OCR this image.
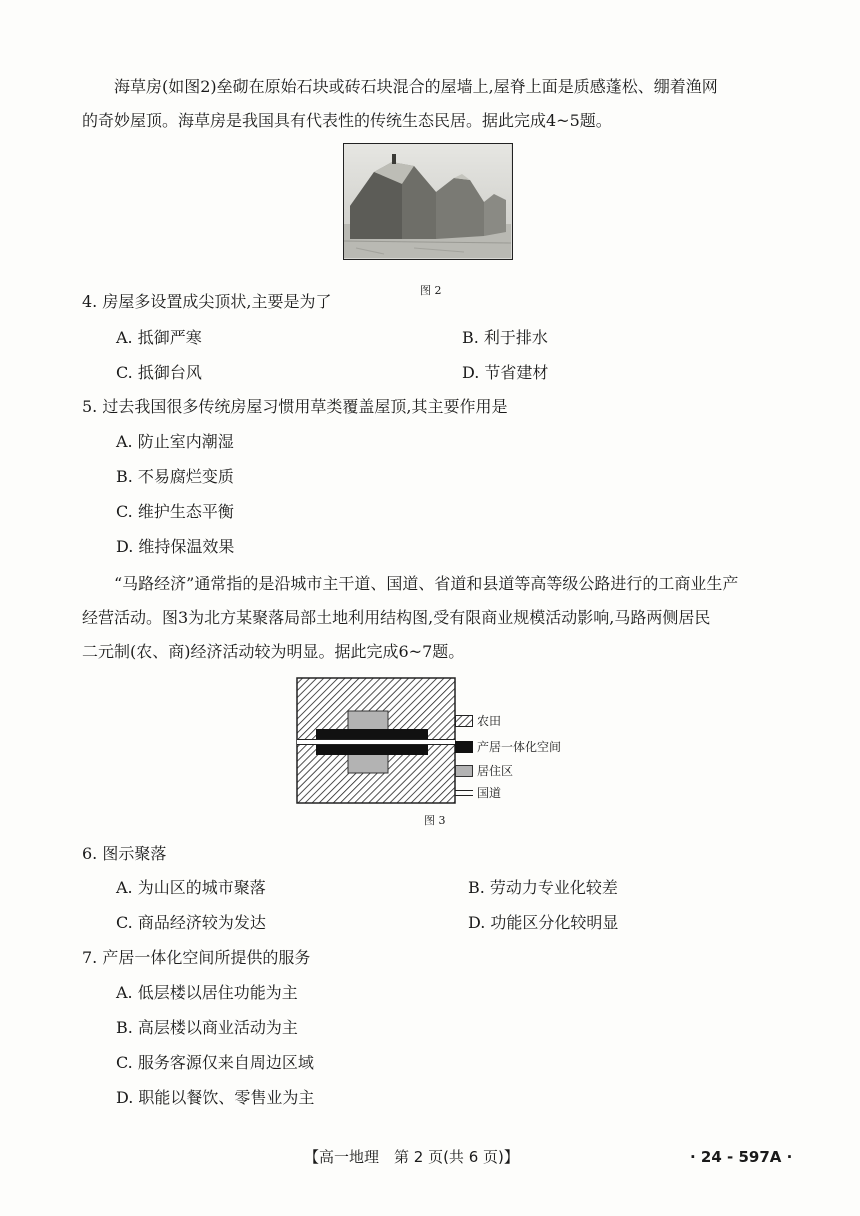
海草房(如图2)垒砌在原始石块或砖石块混合的屋墙上,屋脊上面是质感蓬松、绷着渔网
的奇妙屋顶。海草房是我国具有代表性的传统生态民居。据此完成4~5题。
图 2
4. 房屋多设置成尖顶状,主要是为了
A. 抵御严寒	B. 利于排水
C. 抵御台风	D. 节省建材
5. 过去我国很多传统房屋习惯用草类覆盖屋顶,其主要作用是
A. 防止室内潮湿
B. 不易腐烂变质
C. 维护生态平衡
D. 维持保温效果
“马路经济”通常指的是沿城市主干道、国道、省道和县道等高等级公路进行的工商业生产
经营活动。图3为北方某聚落局部土地利用结构图,受有限商业规模活动影响,马路两侧居民
二元制(农、商)经济活动较为明显。据此完成6~7题。
农田
产居一体化空间
居住区
国道
图 3
6. 图示聚落
A. 为山区的城市聚落	B. 劳动力专业化较差
C. 商品经济较为发达	D. 功能区分化较明显
7. 产居一体化空间所提供的服务
A. 低层楼以居住功能为主
B. 高层楼以商业活动为主
C. 服务客源仅来自周边区域
D. 职能以餐饮、零售业为主
【高一地理　第 2 页(共 6 页)】	· 24 - 597A ·
